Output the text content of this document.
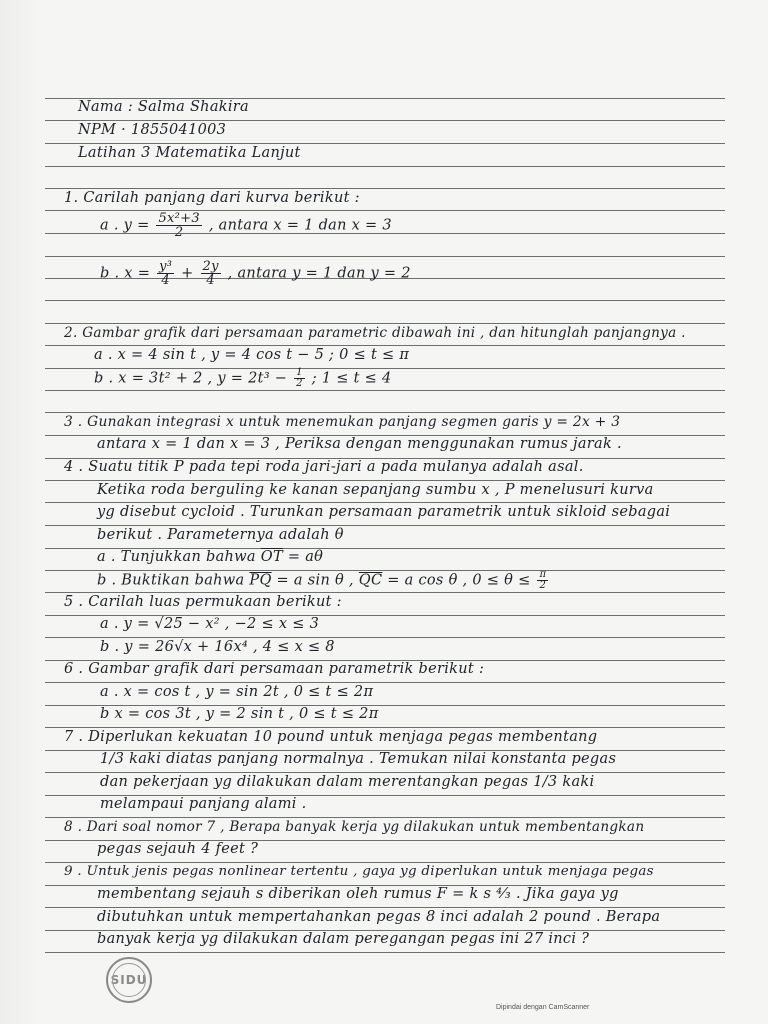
Nama : Salma Shakira
NPM · 1855041003
Latihan 3 Matematika Lanjut
1. Carilah panjang dari kurva berikut :
a . $y = \frac{\text{5x²+3}}{2}$ , antara x = 1 dan x = 3
b . $x = \frac{\text{y³}}{4} + \frac{2y}{4}$ , antara y = 1 dan y = 2
2. Gambar grafik dari persamaan parametric dibawah ini , dan hitunglah panjangnya .
a . x = 4 sin t , y = 4 cos t − 5 ; 0 ≤ t ≤ π
b . x = 3t² + 2 , $y = 2t^3 - \frac{1}{2}$ ; 1 ≤ t ≤ 4
3 . Gunakan integrasi x untuk menemukan panjang segmen garis y = 2x + 3
antara x = 1 dan x = 3 , Periksa dengan menggunakan rumus jarak .
4 . Suatu titik P pada tepi roda jari-jari a pada mulanya adalah asal.
Ketika roda berguling ke kanan sepanjang sumbu x , P menelusuri kurva
yg disebut cycloid . Turunkan persamaan parametrik untuk sikloid sebagai
berikut . Parameternya adalah θ
a . Tunjukkan bahwa $\overline{OT} = a\theta$
b . Buktikan bahwa $\overline{PQ} = a$ sin θ , $\overline{QC} = a$ cos θ , $0 \le \theta \le \frac{\pi}{2}$
5 . Carilah luas permukaan berikut :
a . y = √25 − x² , −2 ≤ x ≤ 3
b . y = 26√x + 16x⁴ , 4 ≤ x ≤ 8
6 . Gambar grafik dari persamaan parametrik berikut :
a . x = cos t , y = sin 2t , 0 ≤ t ≤ 2π
b x = cos 3t , y = 2 sin t , 0 ≤ t ≤ 2π
7 . Diperlukan kekuatan 10 pound untuk menjaga pegas membentang
1/3 kaki diatas panjang normalnya . Temukan nilai konstanta pegas
dan pekerjaan yg dilakukan dalam merentangkan pegas 1/3 kaki
melampaui panjang alami .
8 . Dari soal nomor 7 , Berapa banyak kerja yg dilakukan untuk membentangkan
pegas sejauh 4 feet ?
9 . Untuk jenis pegas nonlinear tertentu , gaya yg diperlukan untuk menjaga pegas
membentang sejauh s diberikan oleh rumus F = k s ⁴⁄₃ . Jika gaya yg
dibutuhkan untuk mempertahankan pegas 8 inci adalah 2 pound . Berapa
banyak kerja yg dilakukan dalam peregangan pegas ini 27 inci ?
SIDU
Dipindai dengan CamScanner
